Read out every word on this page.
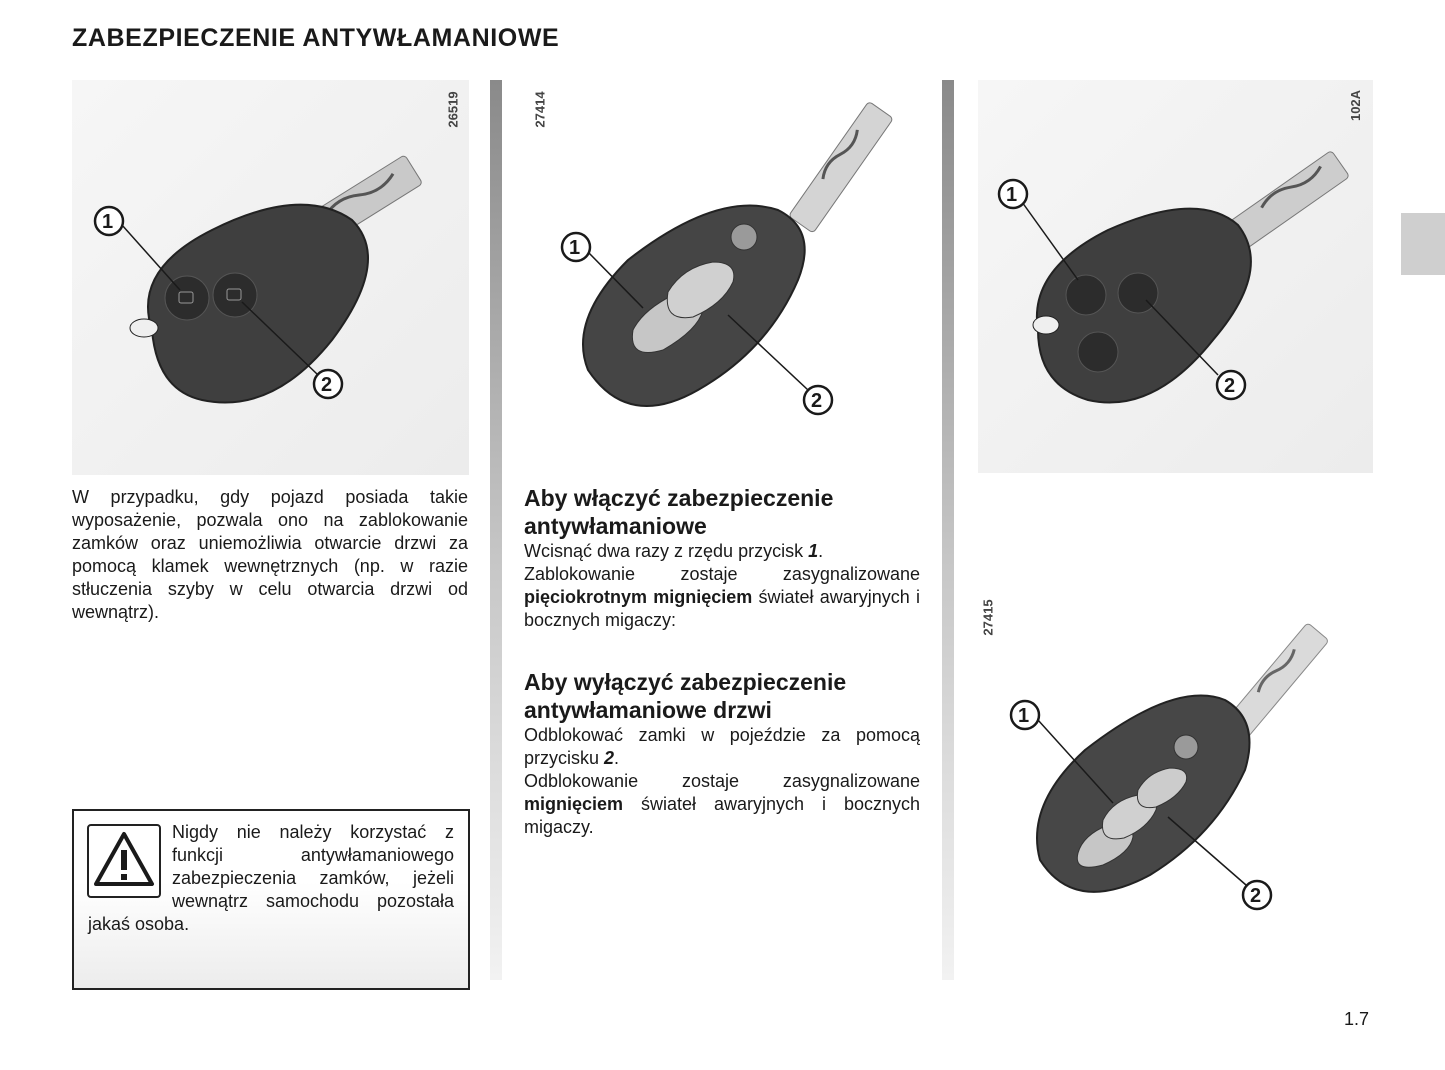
ZABEZPIECZENIE ANTYWŁAMANIOWE
1
2
26519
1
2
27414
1
2
102A
1
2
27415

W przypadku, gdy pojazd posiada takie wyposażenie, pozwala ono na zablokowanie zamków oraz uniemożliwia otwarcie drzwi za pomocą klamek wewnętrznych (np. w razie stłuczenia szyby w celu otwarcia drzwi od wewnątrz).

Nigdy nie należy korzystać z funkcji antywłamaniowego zabezpieczenia zamków, jeżeli wewnątrz samochodu pozostała jakaś osoba.

Aby włączyć zabezpieczenie
antywłamaniowe

Wcisnąć dwa razy z rzędu przycisk 1.

Zablokowanie zostaje zasygnalizowane pięciokrotnym mignięciem świateł awaryjnych i bocznych migaczy:

Aby wyłączyć zabezpieczenie
antywłamaniowe drzwi

Odblokować zamki w pojeździe za pomocą przycisku 2.

Odblokowanie zostaje zasygnalizowane mignięciem świateł awaryjnych i bocznych migaczy.

1.7
